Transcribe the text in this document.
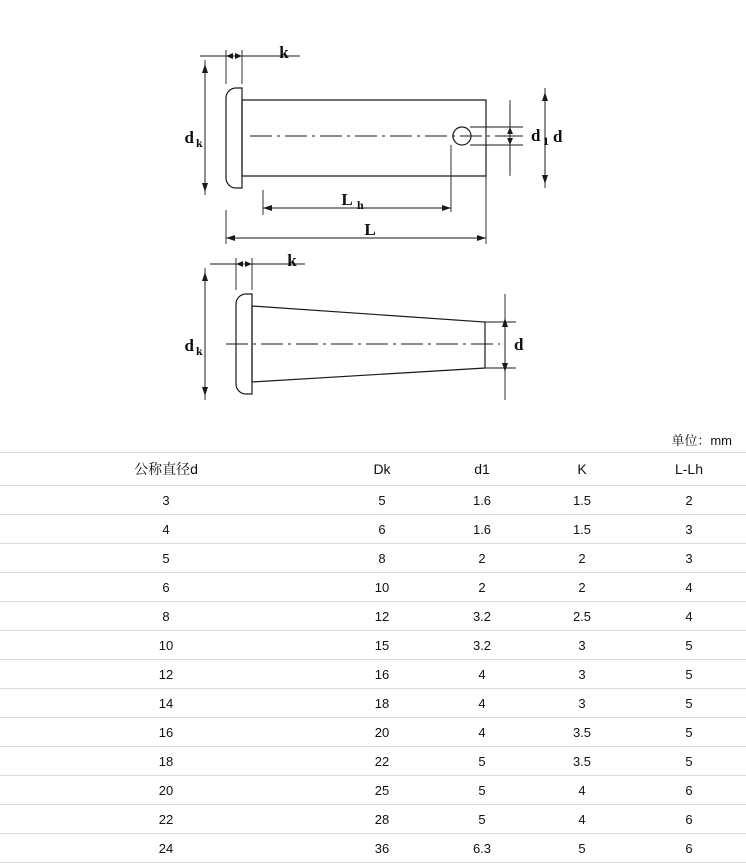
k
d k	d 1 d
L h
L
k
d k	d
单位：mm
公称直径d	Dk	d1	K	L-Lh
3	5	1.6	1.5	2
4	6	1.6	1.5	3
5	8	2	2	3
6	10	2	2	4
8	12	3.2	2.5	4
10	15	3.2	3	5
12	16	4	3	5
14	18	4	3	5
16	20	4	3.5	5
18	22	5	3.5	5
20	25	5	4	6
22	28	5	4	6
24	36	6.3	5	6
